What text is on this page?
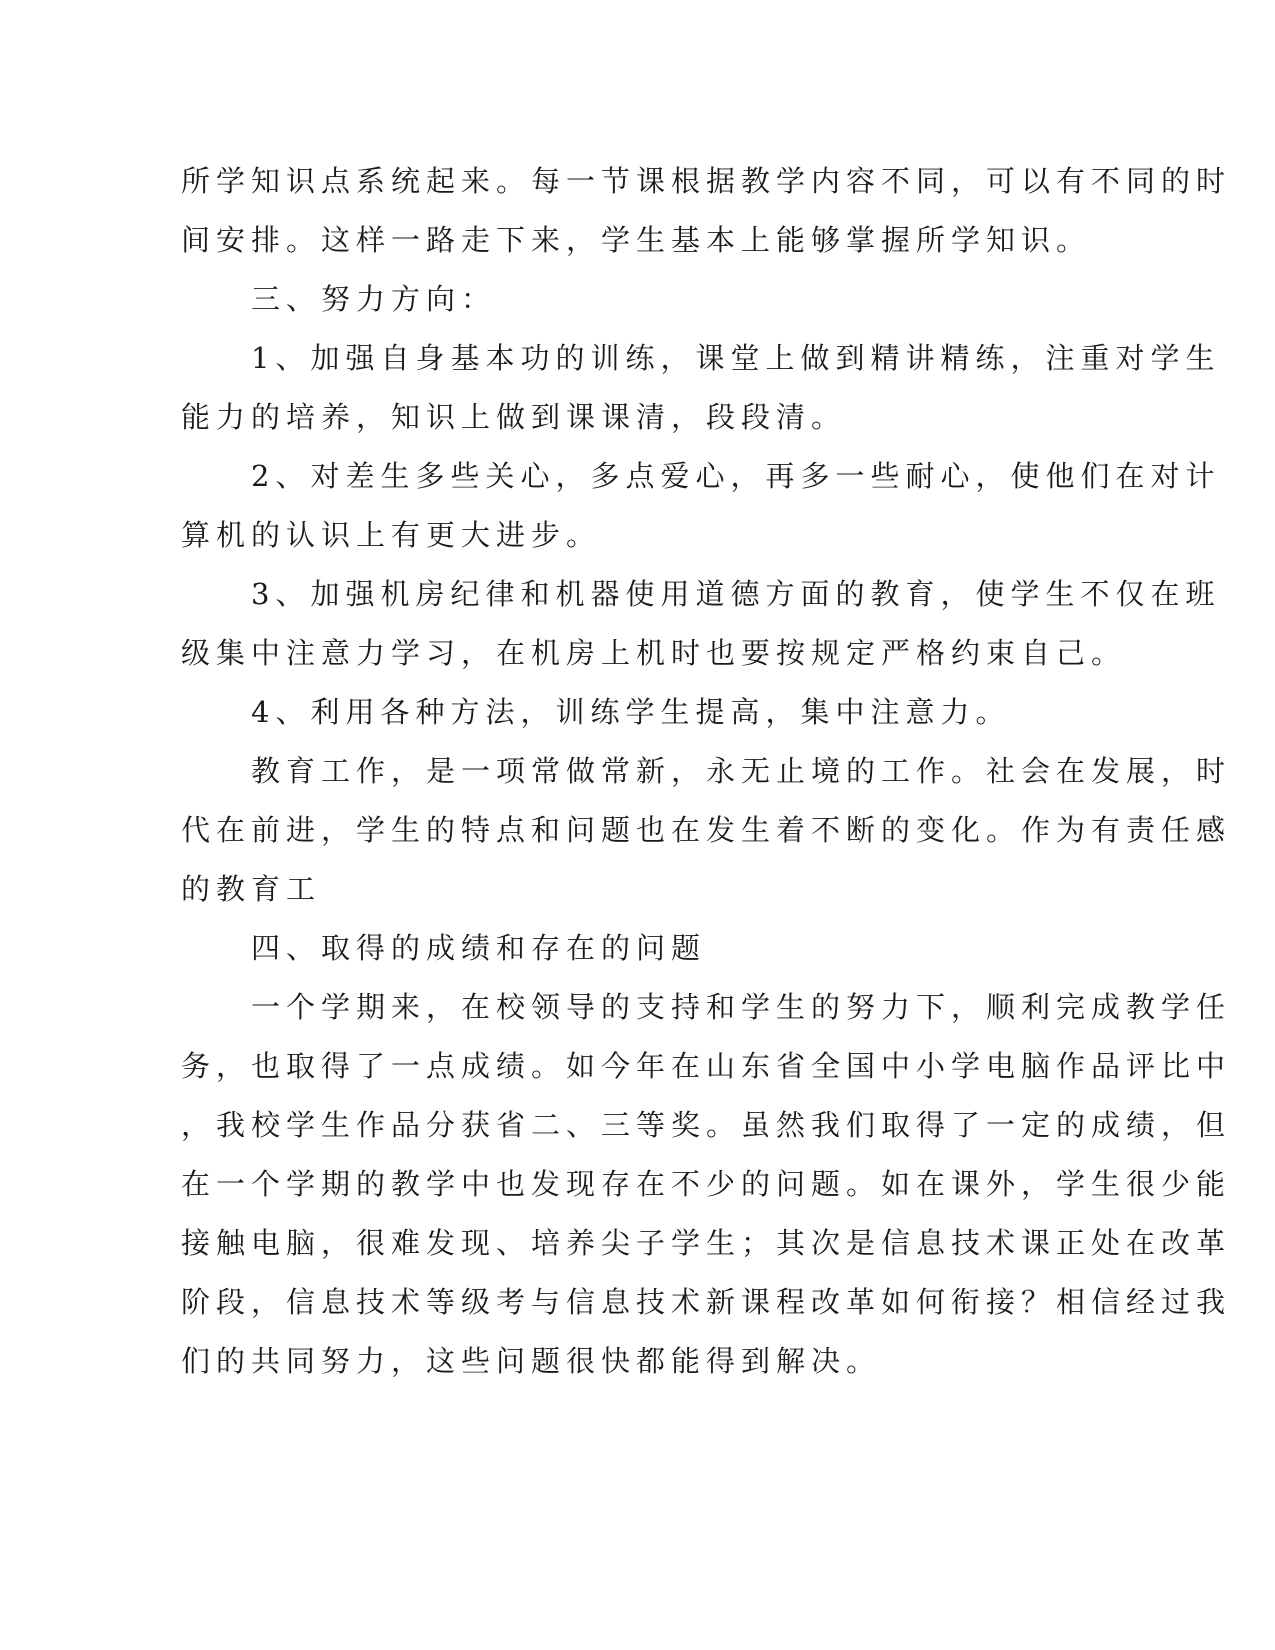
所学知识点系统起来。每一节课根据教学内容不同，可以有不同的时
间安排。这样一路走下来，学生基本上能够掌握所学知识。
三、努力方向：
1、加强自身基本功的训练，课堂上做到精讲精练，注重对学生
能力的培养，知识上做到课课清，段段清。
2、对差生多些关心，多点爱心，再多一些耐心，使他们在对计
算机的认识上有更大进步。
3、加强机房纪律和机器使用道德方面的教育，使学生不仅在班
级集中注意力学习，在机房上机时也要按规定严格约束自己。
4、利用各种方法，训练学生提高，集中注意力。
教育工作，是一项常做常新，永无止境的工作。社会在发展，时
代在前进，学生的特点和问题也在发生着不断的变化。作为有责任感
的教育工
四、取得的成绩和存在的问题
一个学期来，在校领导的支持和学生的努力下，顺利完成教学任
务，也取得了一点成绩。如今年在山东省全国中小学电脑作品评比中
，我校学生作品分获省二、三等奖。虽然我们取得了一定的成绩，但
在一个学期的教学中也发现存在不少的问题。如在课外，学生很少能
接触电脑，很难发现、培养尖子学生；其次是信息技术课正处在改革
阶段，信息技术等级考与信息技术新课程改革如何衔接？相信经过我
们的共同努力，这些问题很快都能得到解决。
